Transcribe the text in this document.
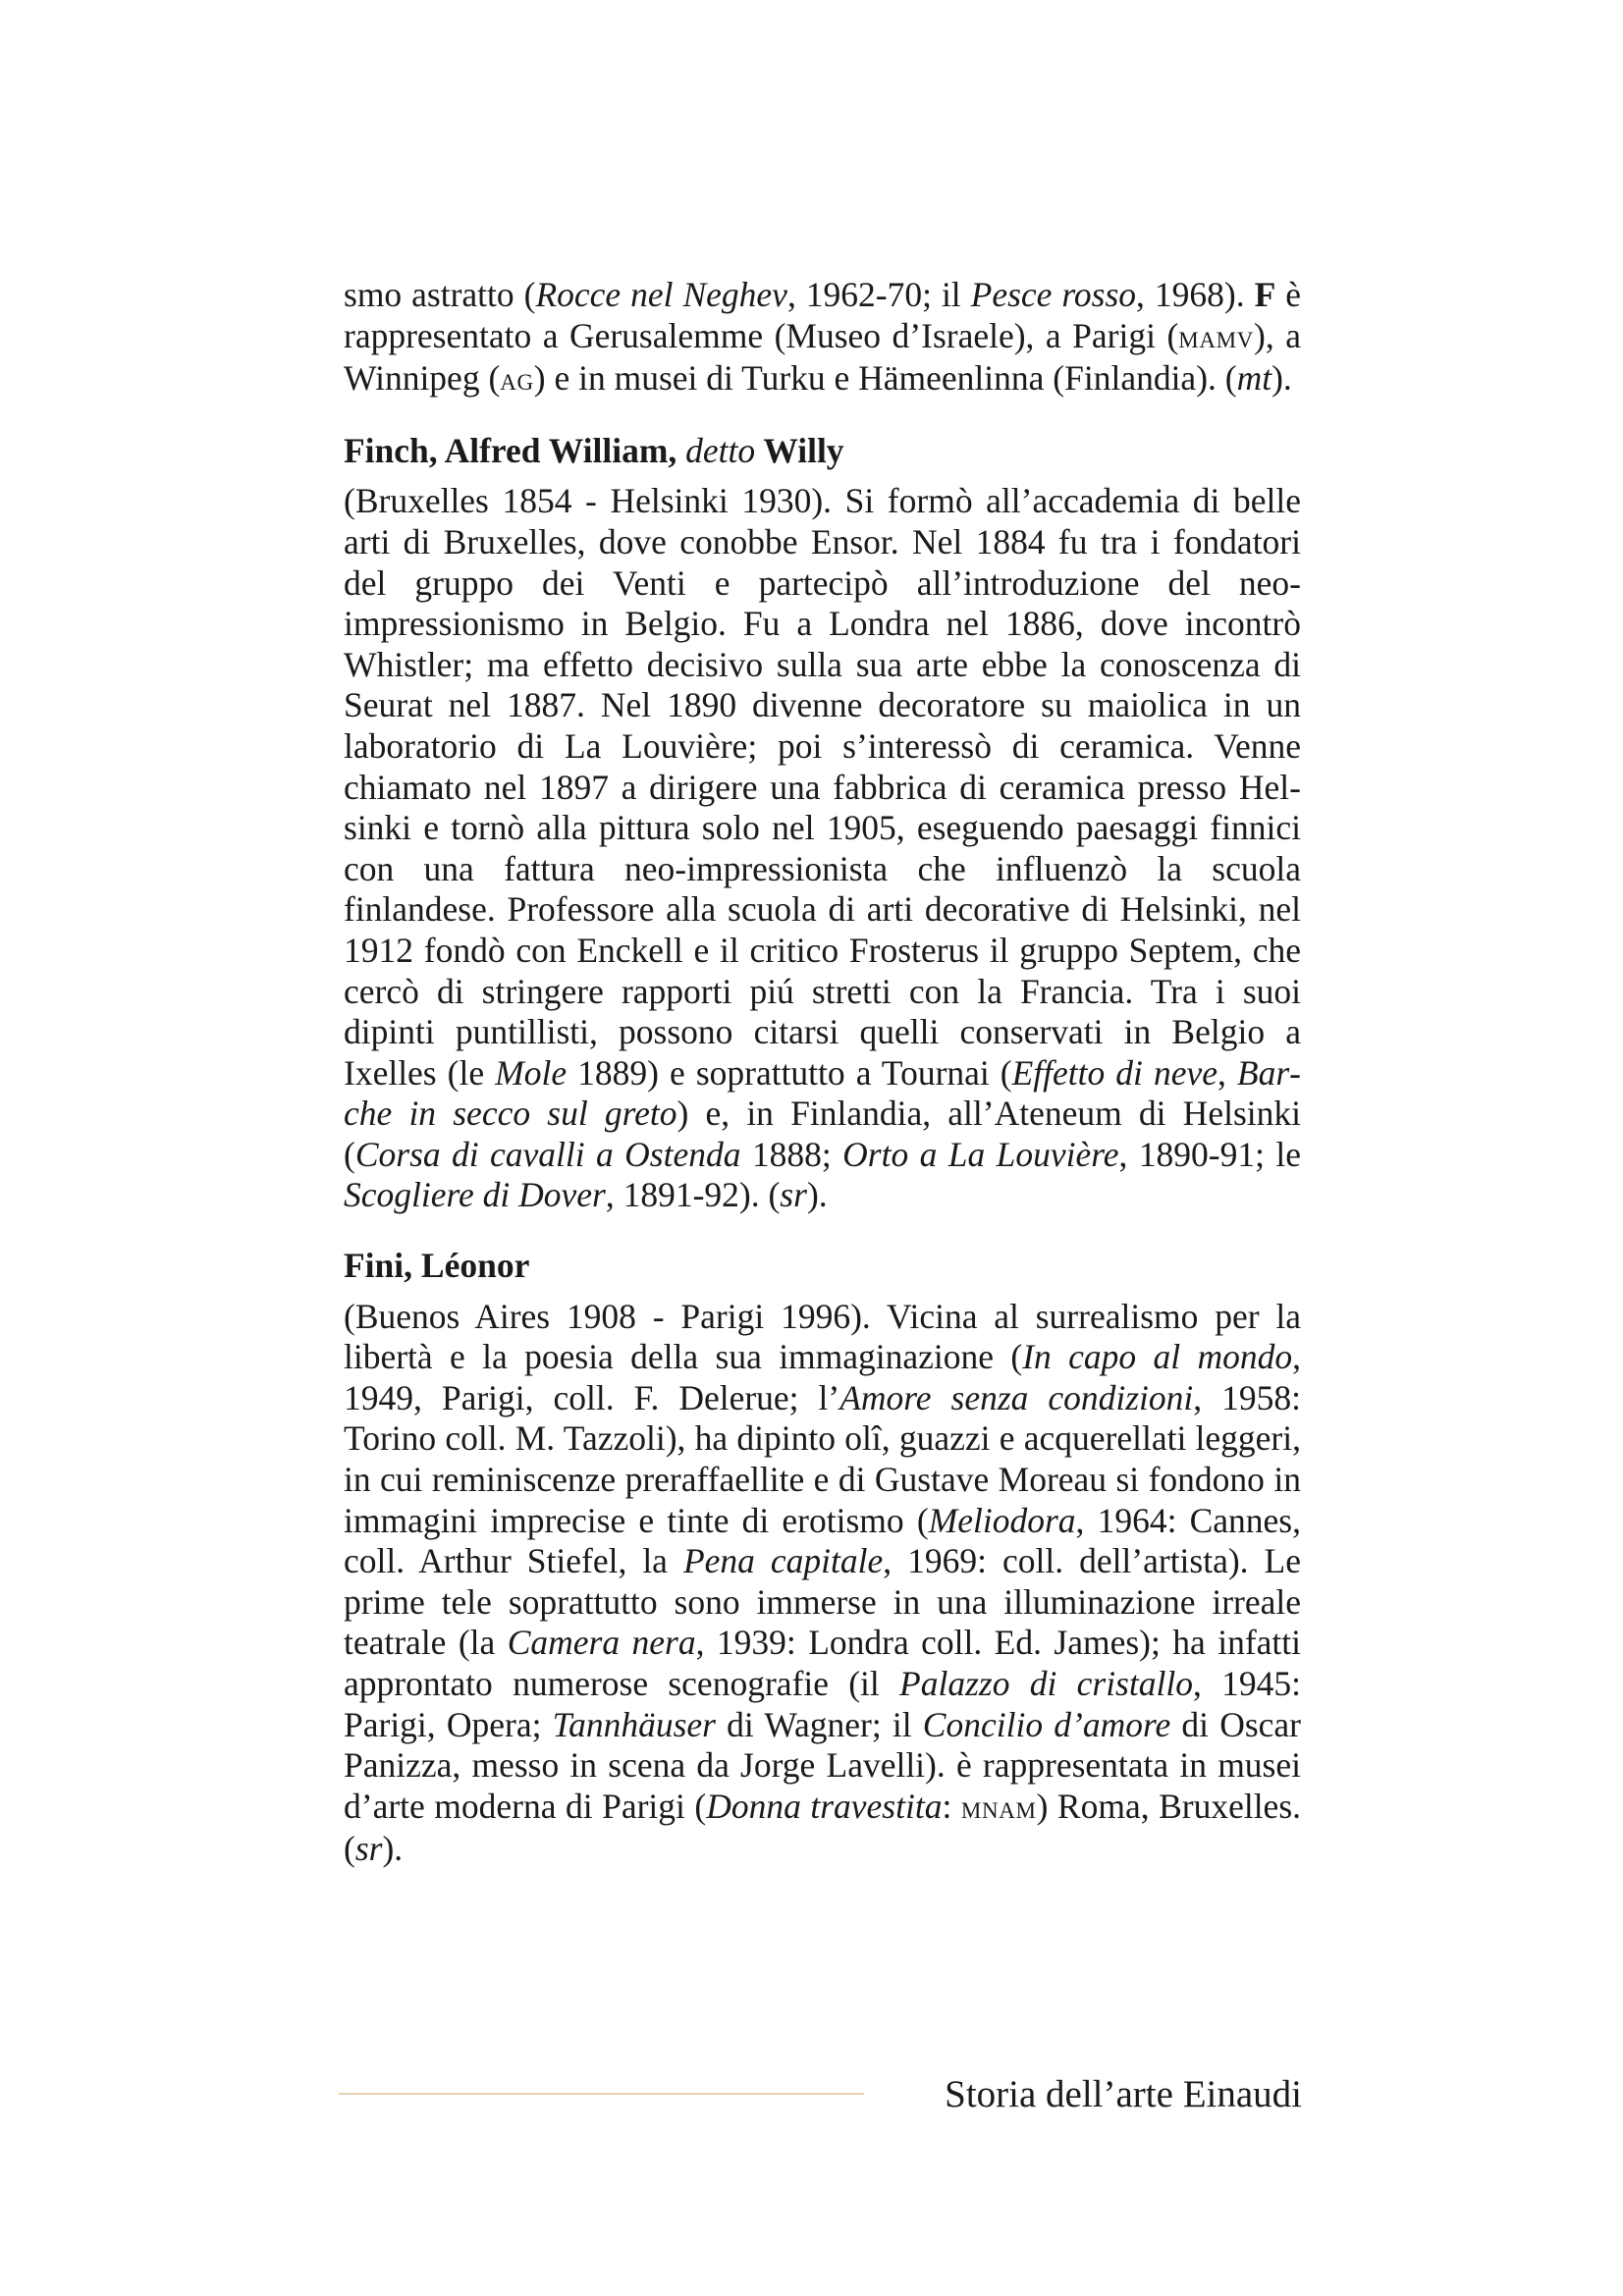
smo astratto (Rocce nel Neghev, 1962-70; il Pesce rosso, 1968). F è rappresentato a Gerusalemme (Museo d’Israele), a Parigi (mamv), a Winnipeg (ag) e in musei di Turku e Hämeenlinna (Finlandia). (mt).

Finch, Alfred William, detto Willy

(Bruxelles 1854 - Helsinki 1930). Si formò all’accademia di belle arti di Bruxelles, dove conobbe Ensor. Nel 1884 fu tra i fondatori del gruppo dei Venti e partecipò all’introduzione del neo-impressionismo in Belgio. Fu a Londra nel 1886, dove incontrò Whistler; ma effetto decisivo sulla sua arte ebbe la conoscenza di Seurat nel 1887. Nel 1890 divenne decoratore su maiolica in un laboratorio di La Louvière; poi s’interessò di ceramica. Venne chiamato nel 1897 a dirigere una fabbrica di ceramica presso Helsinki e tornò alla pittura solo nel 1905, eseguendo paesaggi finnici con una fattura neo-impressionista che influenzò la scuola finlandese. Professore alla scuola di arti decorative di Helsinki, nel 1912 fondò con Enckell e il critico Frosterus il gruppo Septem, che cercò di stringere rapporti piú stretti con la Francia. Tra i suoi dipinti puntillisti, possono citarsi quelli conservati in Belgio a Ixelles (le Mole 1889) e soprattutto a Tournai (Effetto di neve, Barche in secco sul greto) e, in Finlandia, all’Ateneum di Helsinki (Corsa di cavalli a Ostenda 1888; Orto a La Louvière, 1890-91; le Scogliere di Dover, 1891-92). (sr).

Fini, Léonor

(Buenos Aires 1908 - Parigi 1996). Vicina al surrealismo per la libertà e la poesia della sua immaginazione (In capo al mondo, 1949, Parigi, coll. F. Delerue; l’Amore senza condizioni, 1958: Torino coll. M. Tazzoli), ha dipinto olî, guazzi e acquerellati leggeri, in cui reminiscenze preraffaellite e di Gustave Moreau si fondono in immagini imprecise e tinte di erotismo (Meliodora, 1964: Cannes, coll. Arthur Stiefel, la Pena capitale, 1969: coll. dell’artista). Le prime tele soprattutto sono immerse in una illuminazione irreale teatrale (la Camera nera, 1939: Londra coll. Ed. James); ha infatti approntato numerose scenografie (il Palazzo di cristallo, 1945: Parigi, Opera; Tannhäuser di Wagner; il Concilio d’amore di Oscar Panizza, messo in scena da Jorge Lavelli). è rappresentata in musei d’arte moderna di Parigi (Donna travestita: mnam) Roma, Bruxelles. (sr).

Storia dell’arte Einaudi
